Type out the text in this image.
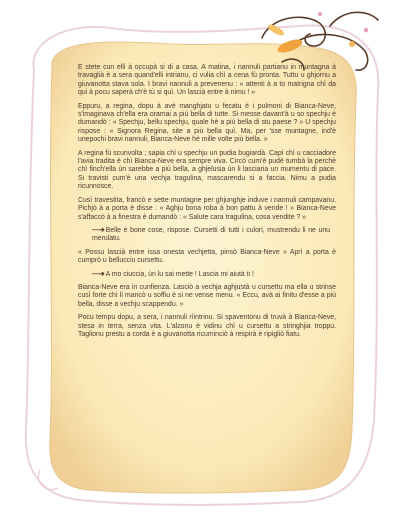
E stete cun elli à occupà si di a casa. A matina, i nannuli partianu in muntagna à travaglià è a sera quand'elli intrianu, ci vulia chì a cena fù pronta. Tuttu u ghjornu a giuvanotta stava sola. I bravi nannuli a prevenenu : « attenti à a to matrigna chì da qui à pocu saperà ch'è tù si quì. Un lascià entre à nimu ! »

Eppuru, a regina, dopu à avè manghjatu u fecatu è i pulmoni di Bianca-Neve, s'imaginava ch'ella era oramai a più bella di tutte. Si messe davant'à u so spechju è dumandò : « Spechju, bellu spechju, quale hè a più bella di stu paese ? » U spechju rispose : « Signora Regina, site a più bella quì. Ma, per 'sse muntagne, ind'è unepochi bravi nannuli, Bianca-Neve hè mille volte più bella. »

A regina fù scunvolta ; sapia chì u spechju un pudia bugiardà. Capì chì u cacciadore l'avia tradita è chì Bianca-Neve era sempre viva. Circò cum'è pudè tumbà la perchè chì finch'ella ùn sarebbe a più bella, a ghjelusia ùn li lasciaria un mumentu di pace. Si travisti cum'è una vechja tragulina, mascarendu si a faccia. Nimu a pudia ricunnosce.

Cusì travestita, francò e sette muntagne per ghjunghje induve i nannuli campavanu. Pichjò à a porta è disse : « Aghju bona roba à bon pattu à vende ! » Bianca-Neve s'affaccò à a finestra è dumandò : « Salute cara tragulina, cosa vendite ? »

—➔Belle è bone cose, rispose. Cursetti di tutti i culori, mustrendu li ne unu merulatu.

« Possu lascià entre issa onesta vechjetta, pinsò Bianca-Neve » Aprì a porta è cumprò u bellucciu cursettu.

—➔A mo ciuccia, ùn lu sai mette ! Lascia mi aiutà ti !

Bianca-Neve era in cunfienza. Lasciò a vechja aghjustà u cursettu ma ella u strinse cusì forte chì li mancò u soffiu è si ne vense menu. « Eccu, avà ai finitu d'esse a più bella, disse a vechju scappendu. »

Pocu tempu dopu, a sera, i nannuli rìintrinu. Si spaventonu di truvà à Bianca-Neve, stesa in terra, senza vita. L'alzonu è vidinu chì u cursettu a stringhjia troppu. Taglionu prestu a corda è a giuvanotta ricuminciò à respirà è ripigliò fiatu.
